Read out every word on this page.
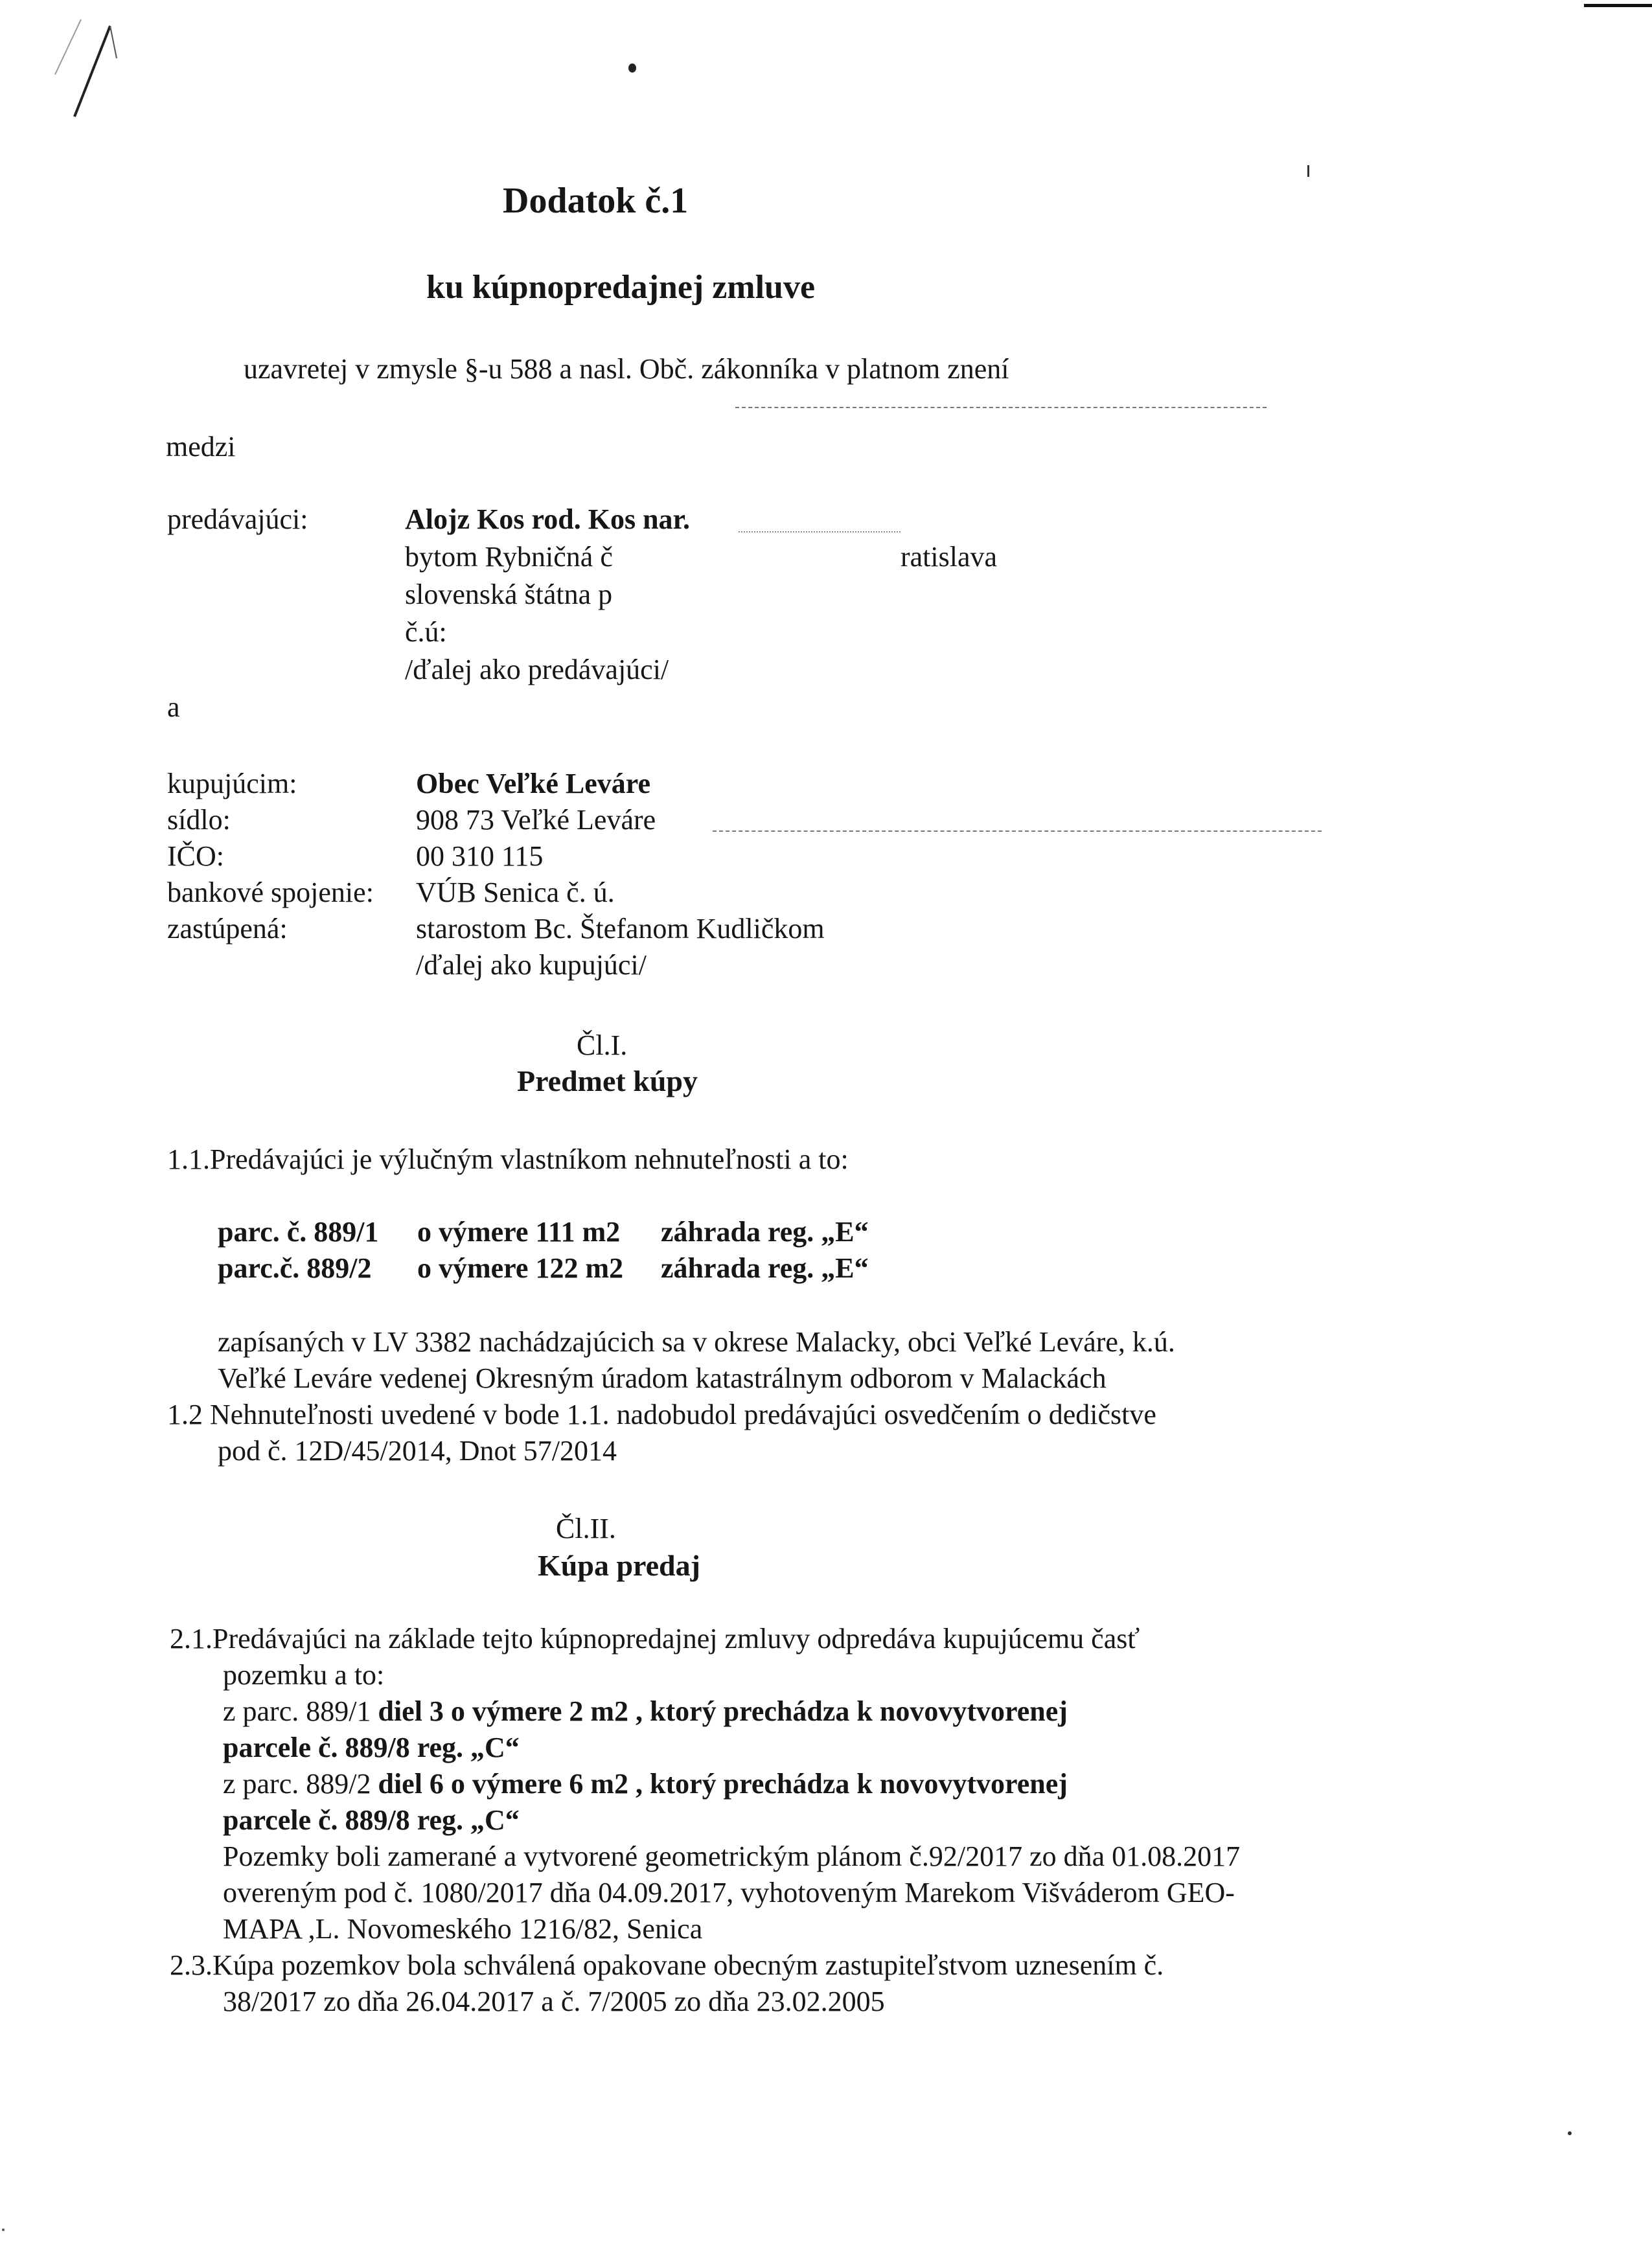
Dodatok č.1
ku kúpnopredajnej zmluve
uzavretej v zmysle §-u 588 a nasl. Obč. zákonníka v platnom znení
medzi
predávajúci:	Alojz Kos rod. Kos nar.
bytom Rybničná č	ratislava
slovenská štátna p
č.ú:
/ďalej ako predávajúci/
a
kupujúcim:	Obec Veľké Leváre
sídlo:	908 73 Veľké Leváre
IČO:	00 310 115
bankové spojenie: VÚB Senica č. ú.
zastúpená:	starostom Bc. Štefanom Kudličkom
/ďalej ako kupujúci/
Čl.I.
Predmet kúpy
1.1.Predávajúci je výlučným vlastníkom nehnuteľnosti a to:
parc. č. 889/1 o výmere 111 m2 záhrada reg. „E“
parc.č. 889/2 o výmere 122 m2 záhrada reg. „E“
zapísaných v LV 3382 nachádzajúcich sa v okrese Malacky, obci Veľké Leváre, k.ú.
Veľké Leváre vedenej Okresným úradom katastrálnym odborom v Malackách
1.2 Nehnuteľnosti uvedené v bode 1.1. nadobudol predávajúci osvedčením o dedičstve
pod č. 12D/45/2014, Dnot 57/2014
Čl.II.
Kúpa predaj
2.1.Predávajúci na základe tejto kúpnopredajnej zmluvy odpredáva kupujúcemu časť
pozemku a to:
z parc. 889/1 diel 3 o výmere 2 m2 , ktorý prechádza k novovytvorenej
parcele č. 889/8 reg. „C“
z parc. 889/2 diel 6 o výmere 6 m2 , ktorý prechádza k novovytvorenej
parcele č. 889/8 reg. „C“
Pozemky boli zamerané a vytvorené geometrickým plánom č.92/2017 zo dňa 01.08.2017
overeným pod č. 1080/2017 dňa 04.09.2017, vyhotoveným Marekom Višváderom GEO-
MAPA ,L. Novomeského 1216/82, Senica
2.3.Kúpa pozemkov bola schválená opakovane obecným zastupiteľstvom uznesením č.
38/2017 zo dňa 26.04.2017 a č. 7/2005 zo dňa 23.02.2005
